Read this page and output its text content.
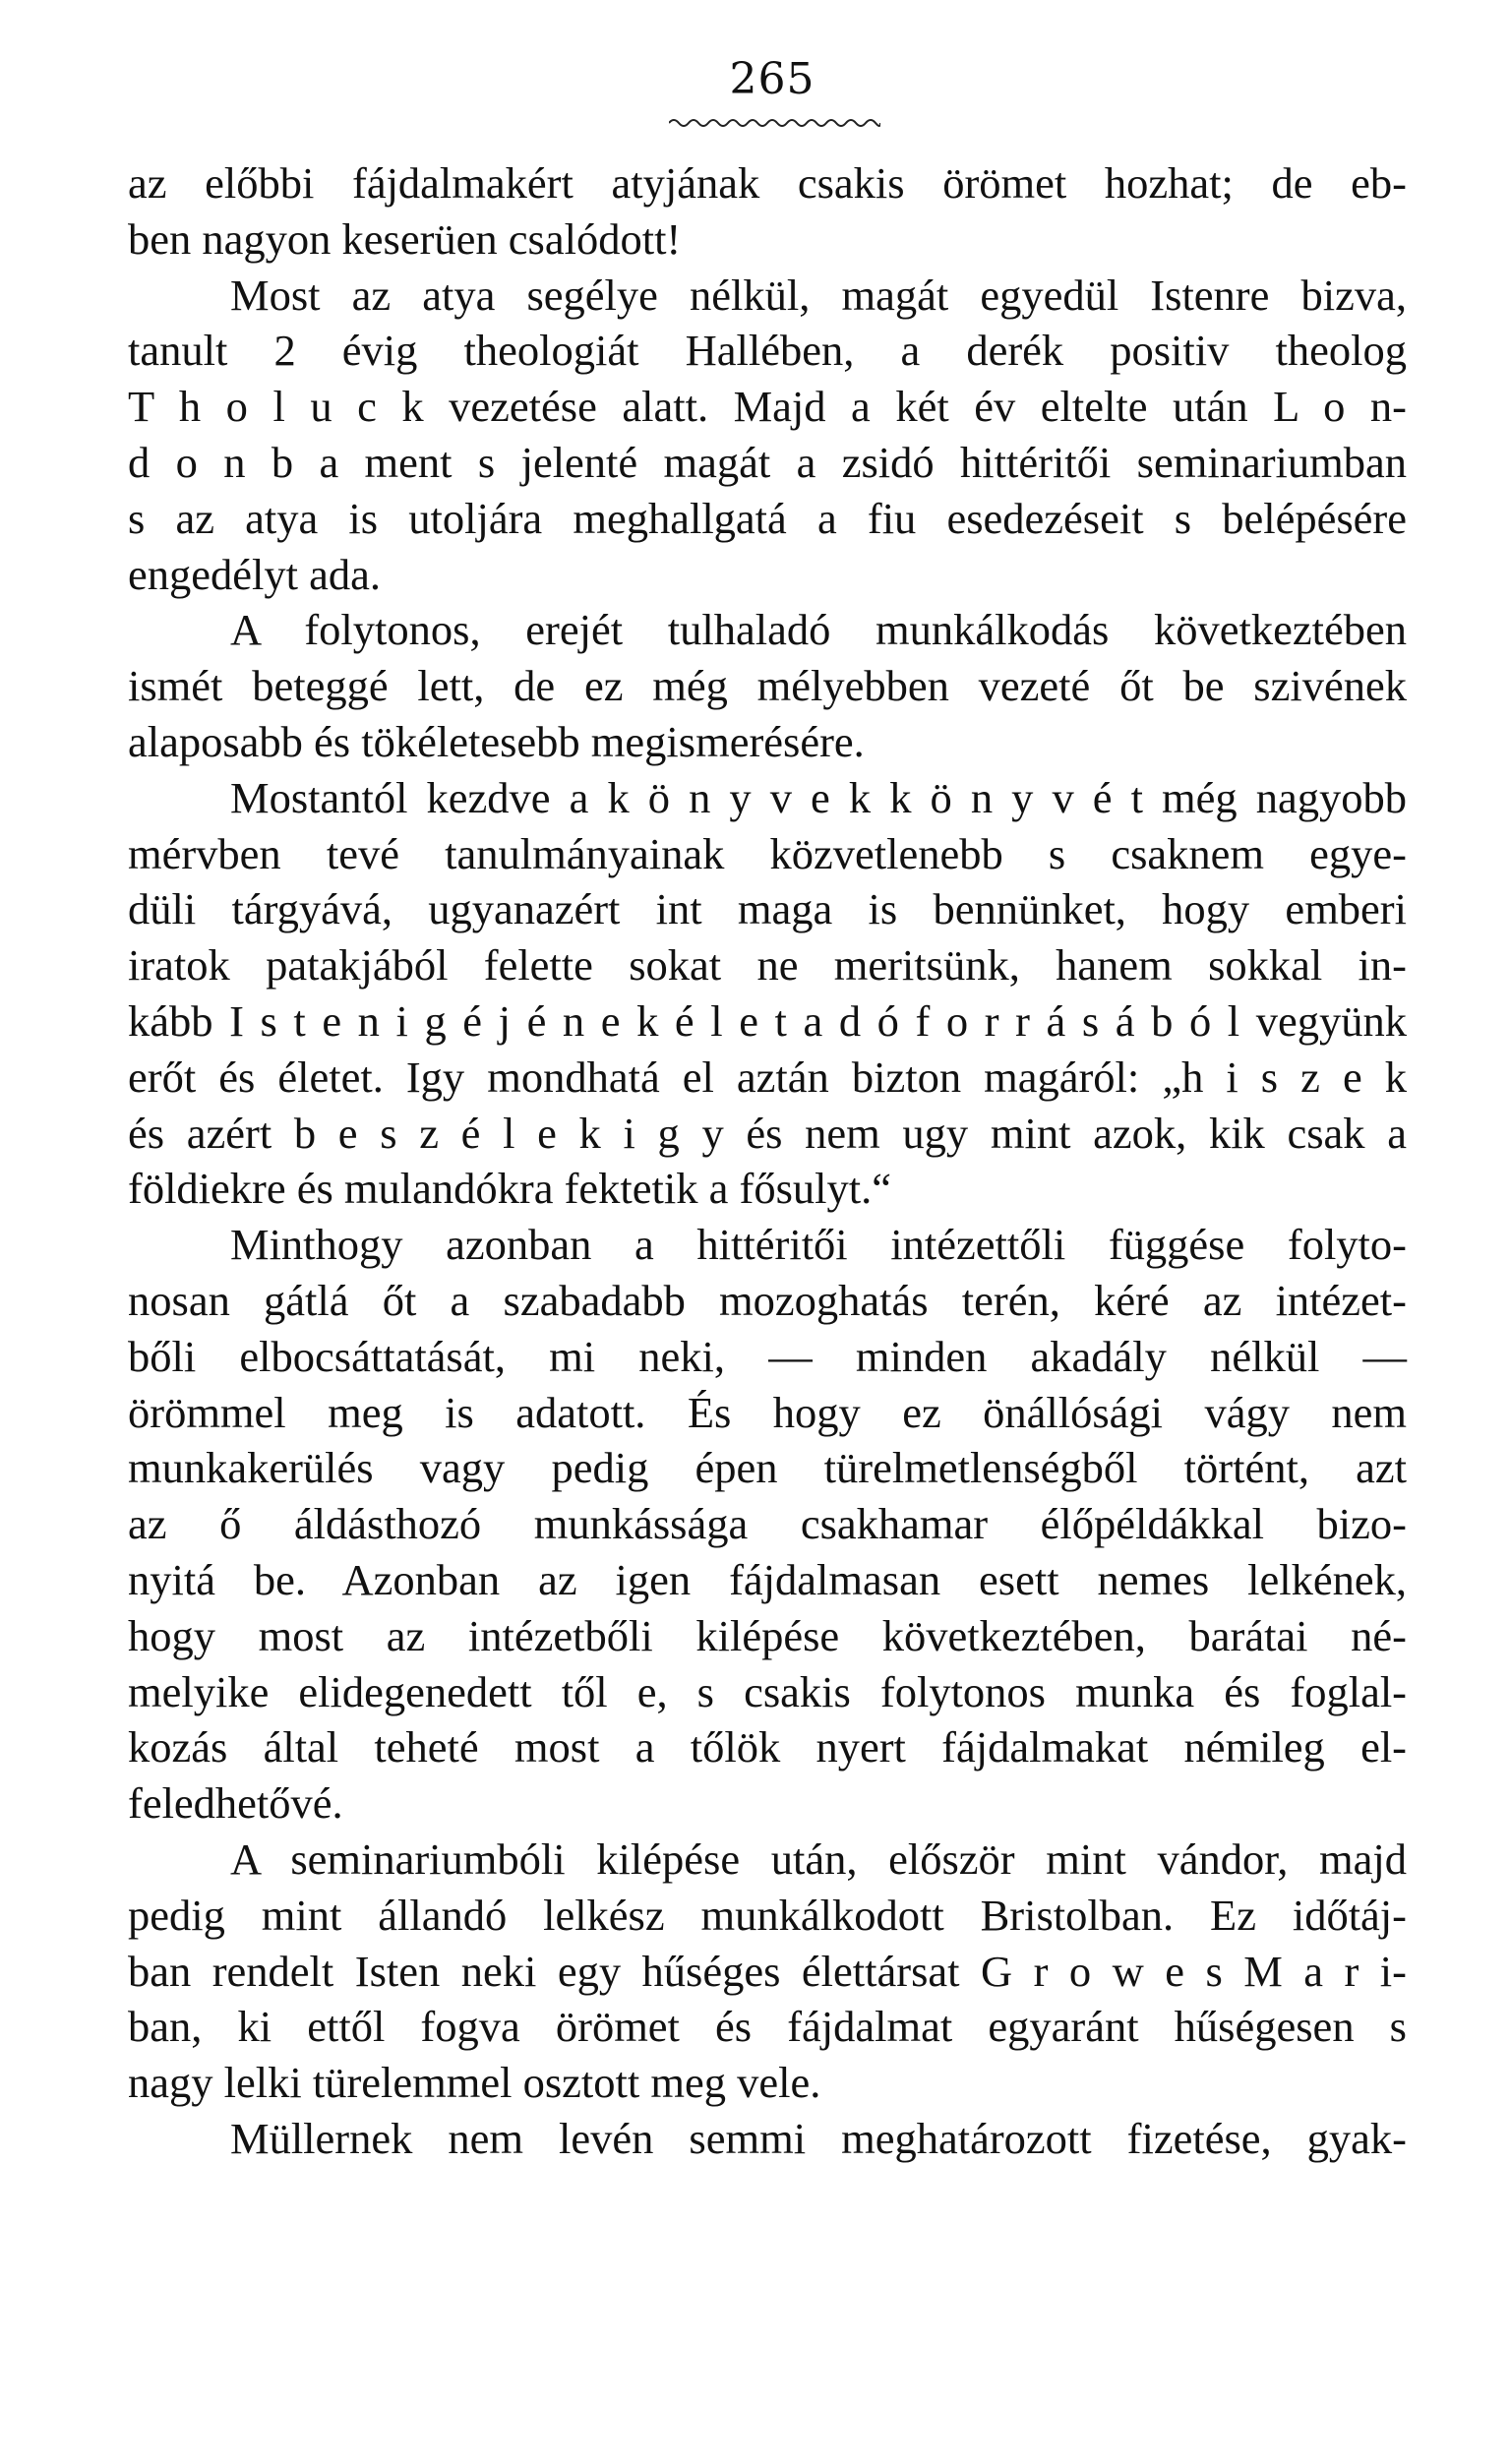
265
az előbbi fájdalmakért atyjának csakis örömet hozhat; de eb-
ben nagyon keserüen csalódott!
Most az atya segélye nélkül, magát egyedül Istenre bizva,
tanult 2 évig theologiát Hallében, a derék positiv theolog
T h o l u c k vezetése alatt. Majd a két év eltelte után L o n-
d o n b a ment s jelenté magát a zsidó hittéritői seminariumban
s az atya is utoljára meghallgatá a fiu esedezéseit s belépésére
engedélyt ada.
A folytonos, erejét tulhaladó munkálkodás következtében
ismét beteggé lett, de ez még mélyebben vezeté őt be szivének
alaposabb és tökéletesebb megismerésére.
Mostantól kezdve a k ö n y v e k k ö n y v é t még nagyobb
mérvben tevé tanulmányainak közvetlenebb s csaknem egye-
düli tárgyává, ugyanazért int maga is bennünket, hogy emberi
iratok patakjából felette sokat ne meritsünk, hanem sokkal in-
kább I s t e n i g é j é n e k é l e t a d ó f o r r á s á b ó l vegyünk
erőt és életet. Igy mondhatá el aztán bizton magáról: „h i s z e k
és azért b e s z é l e k i g y és nem ugy mint azok, kik csak a
földiekre és mulandókra fektetik a fősulyt.“
Minthogy azonban a hittéritői intézettőli függése folyto-
nosan gátlá őt a szabadabb mozoghatás terén, kéré az intézet-
bőli elbocsáttatását, mi neki, — minden akadály nélkül —
örömmel meg is adatott. És hogy ez önállósági vágy nem
munkakerülés vagy pedig épen türelmetlenségből történt, azt
az ő áldásthozó munkássága csakhamar élőpéldákkal bizo-
nyitá be. Azonban az igen fájdalmasan esett nemes lelkének,
hogy most az intézetbőli kilépése következtében, barátai né-
melyike elidegenedett től e, s csakis folytonos munka és foglal-
kozás által teheté most a tőlök nyert fájdalmakat némileg el-
feledhetővé.
A seminariumbóli kilépése után, először mint vándor, majd
pedig mint állandó lelkész munkálkodott Bristolban. Ez időtáj-
ban rendelt Isten neki egy hűséges élettársat G r o w e s M a r i-
ban, ki ettől fogva örömet és fájdalmat egyaránt hűségesen s
nagy lelki türelemmel osztott meg vele.
Müllernek nem levén semmi meghatározott fizetése, gyak-
